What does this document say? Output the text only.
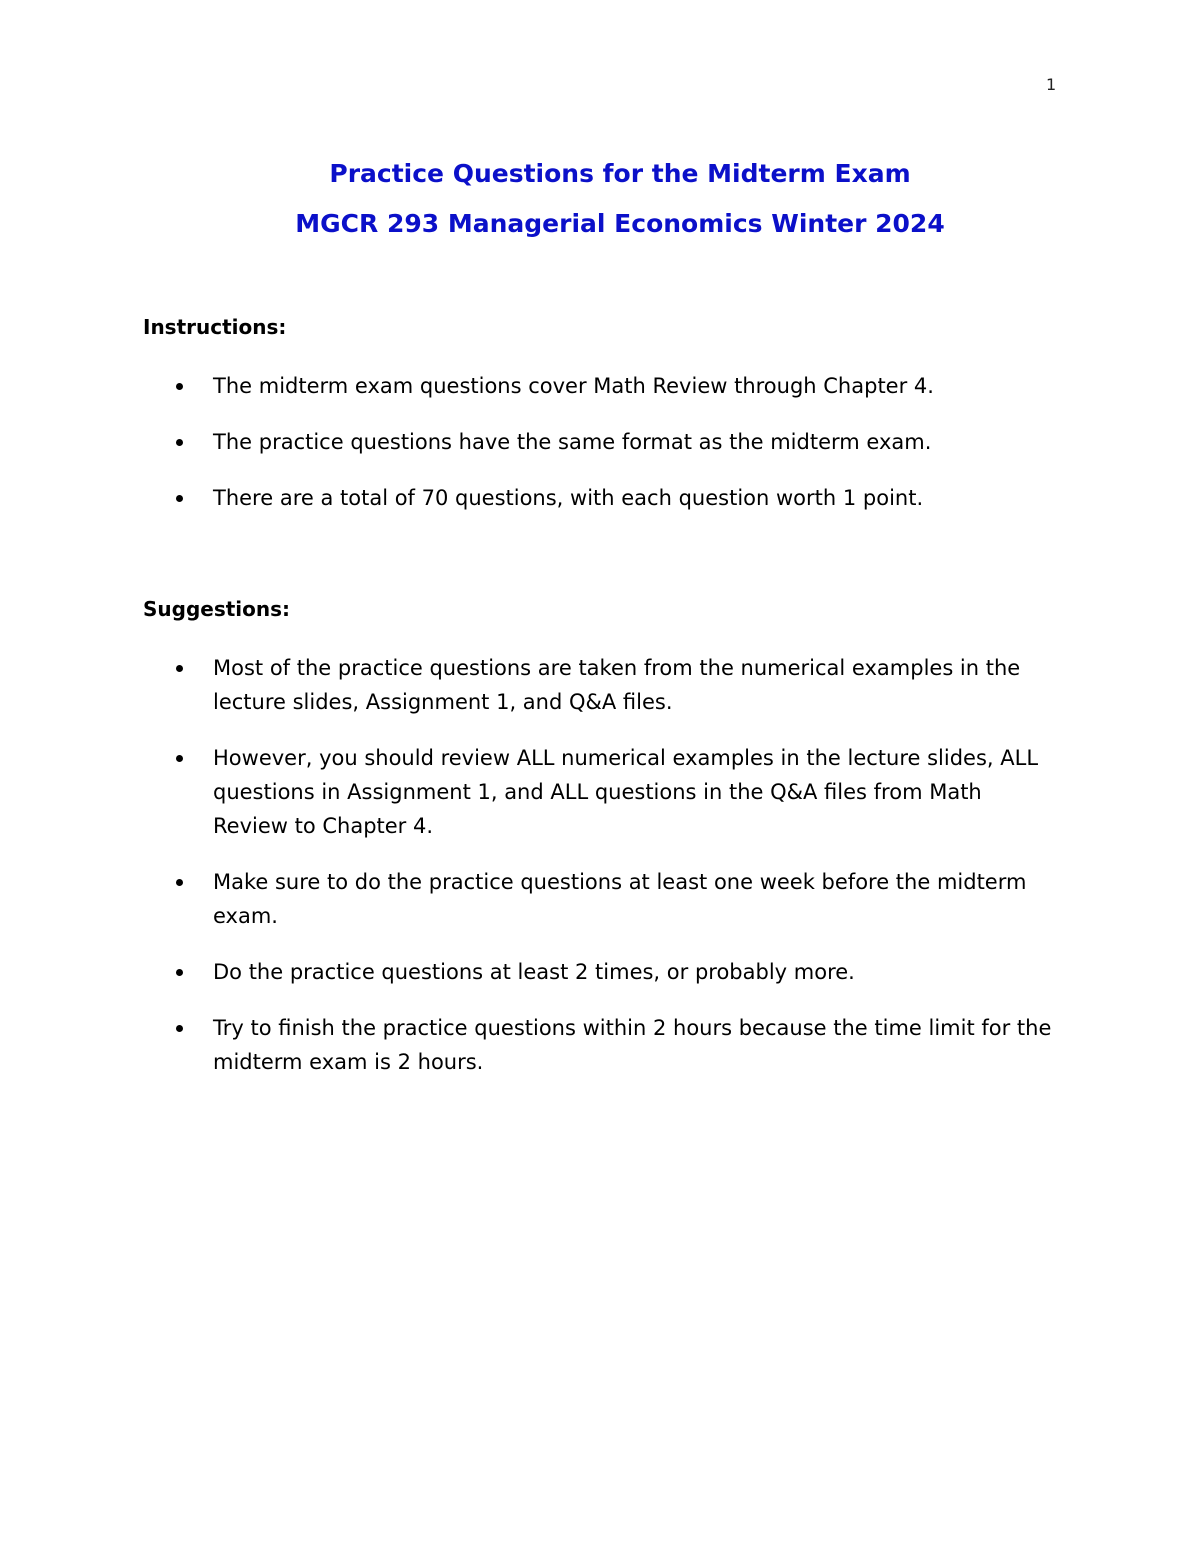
1

Practice Questions for the Midterm Exam

MGCR 293 Managerial Economics Winter 2024

Instructions:

The midterm exam questions cover Math Review through Chapter 4.
The practice questions have the same format as the midterm exam.
There are a total of 70 questions, with each question worth 1 point.

Suggestions:

Most of the practice questions are taken from the numerical examples in the lecture slides, Assignment 1, and Q&A files.
However, you should review ALL numerical examples in the lecture slides, ALL questions in Assignment 1, and ALL questions in the Q&A files from Math Review to Chapter 4.
Make sure to do the practice questions at least one week before the midterm exam.
Do the practice questions at least 2 times, or probably more.
Try to finish the practice questions within 2 hours because the time limit for the midterm exam is 2 hours.
